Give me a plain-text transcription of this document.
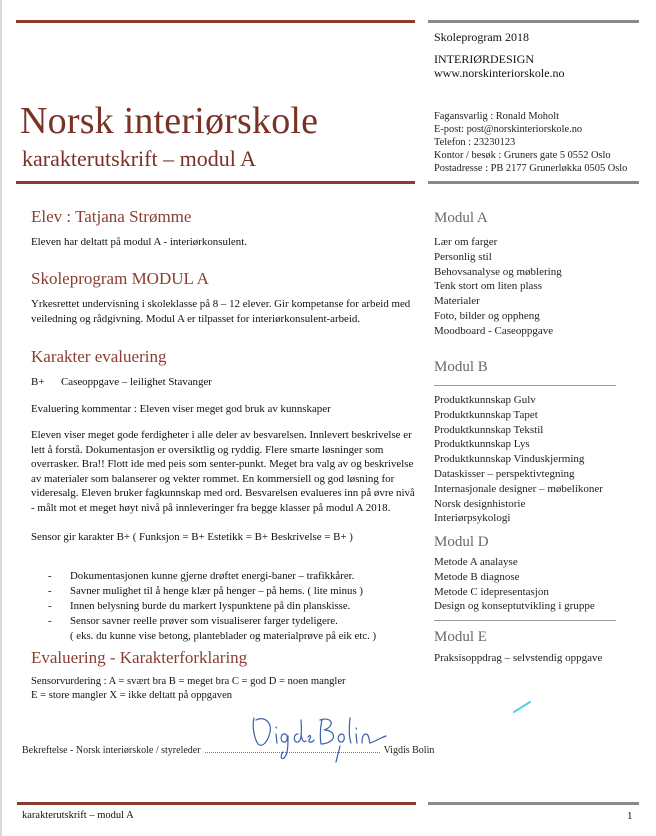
Norsk interiørskole
karakterutskrift – modul A
Skoleprogram 2018
INTERIØRDESIGN
www.norskinteriorskole.no
Fagansvarlig : Ronald Moholt
E-post: post@norskinteriorskole.no
Telefon : 23230123
Kontor / besøk : Gruners gate 5 0552 Oslo
Postadresse : PB 2177 Grunerløkka 0505 Oslo
Elev : Tatjana Strømme
Eleven har deltatt på modul A - interiørkonsulent.
Skoleprogram MODUL A
Yrkesrettet undervisning i skoleklasse på 8 – 12 elever. Gir kompetanse for arbeid med veiledning og rådgivning. Modul A er tilpasset for interiørkonsulent-arbeid.
Karakter evaluering
B+ Caseoppgave – leilighet Stavanger
Evaluering kommentar : Eleven viser meget god bruk av kunnskaper
Eleven viser meget gode ferdigheter i alle deler av besvarelsen. Innlevert beskrivelse er lett å forstå. Dokumentasjon er oversiktlig og ryddig. Flere smarte løsninger som overrasker. Bra!! Flott ide med peis som senter-punkt. Meget bra valg av og beskrivelse av materialer som balanserer og vekter rommet. En kommersiell og god løsning for videresalg. Eleven bruker fagkunnskap med ord. Besvarelsen evalueres inn på øvre nivå - målt mot et meget høyt nivå på innleveringer fra begge klasser på modul A 2018.
Sensor gir karakter B+ ( Funksjon = B+ Estetikk = B+ Beskrivelse = B+ )
- Dokumentasjonen kunne gjerne drøftet energi-baner – trafikkårer.
- Savner mulighet til å henge klær på henger – på hems. ( lite minus )
- Innen belysning burde du markert lyspunktene på din planskisse.
- Sensor savner reelle prøver som visualiserer farger tydeligere.
( eks. du kunne vise betong, planteblader og materialprøve på eik etc. )
Evaluering - Karakterforklaring
Sensorvurdering : A = svært bra B = meget bra C = god D = noen mangler
E = store mangler X = ikke deltatt på oppgaven
Bekreftelse - Norsk interiørskole / styreleder	Vigdis Bolin
Modul A
Lær om farger
Personlig stil
Behovsanalyse og møblering
Tenk stort om liten plass
Materialer
Foto, bilder og oppheng
Moodboard - Caseoppgave
Modul B
Produktkunnskap Gulv
Produktkunnskap Tapet
Produktkunnskap Tekstil
Produktkunnskap Lys
Produktkunnskap Vinduskjerming
Dataskisser – perspektivtegning
Internasjonale designer – møbelikoner
Norsk designhistorie
Interiørpsykologi
Modul D
Metode A analayse
Metode B diagnose
Metode C idepresentasjon
Design og konseptutvikling i gruppe
Modul E
Praksisoppdrag – selvstendig oppgave
karakterutskrift – modul A	1
